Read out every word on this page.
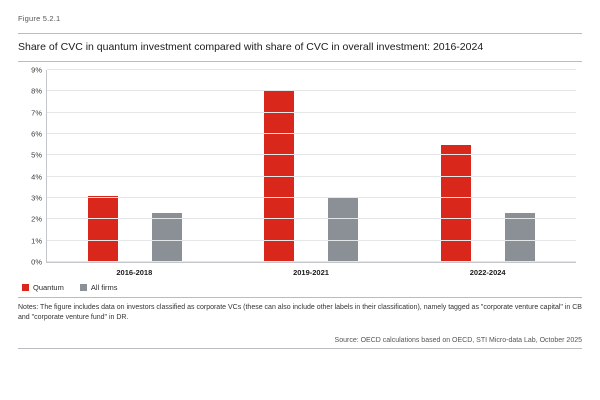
Figure 5.2.1
Share of CVC in quantum investment compared with share of CVC in overall investment: 2016-2024
0%
1%
2%
3%
4%
5%
6%
7%
8%
9%
2016-2018	2019-2021	2022-2024
Quantum	All firms
Notes: The figure includes data on investors classified as corporate VCs (these can also include other labels in their classification), namely tagged as "corporate venture capital" in CB and "corporate venture fund" in DR.
Source: OECD calculations based on OECD, STI Micro-data Lab, October 2025
